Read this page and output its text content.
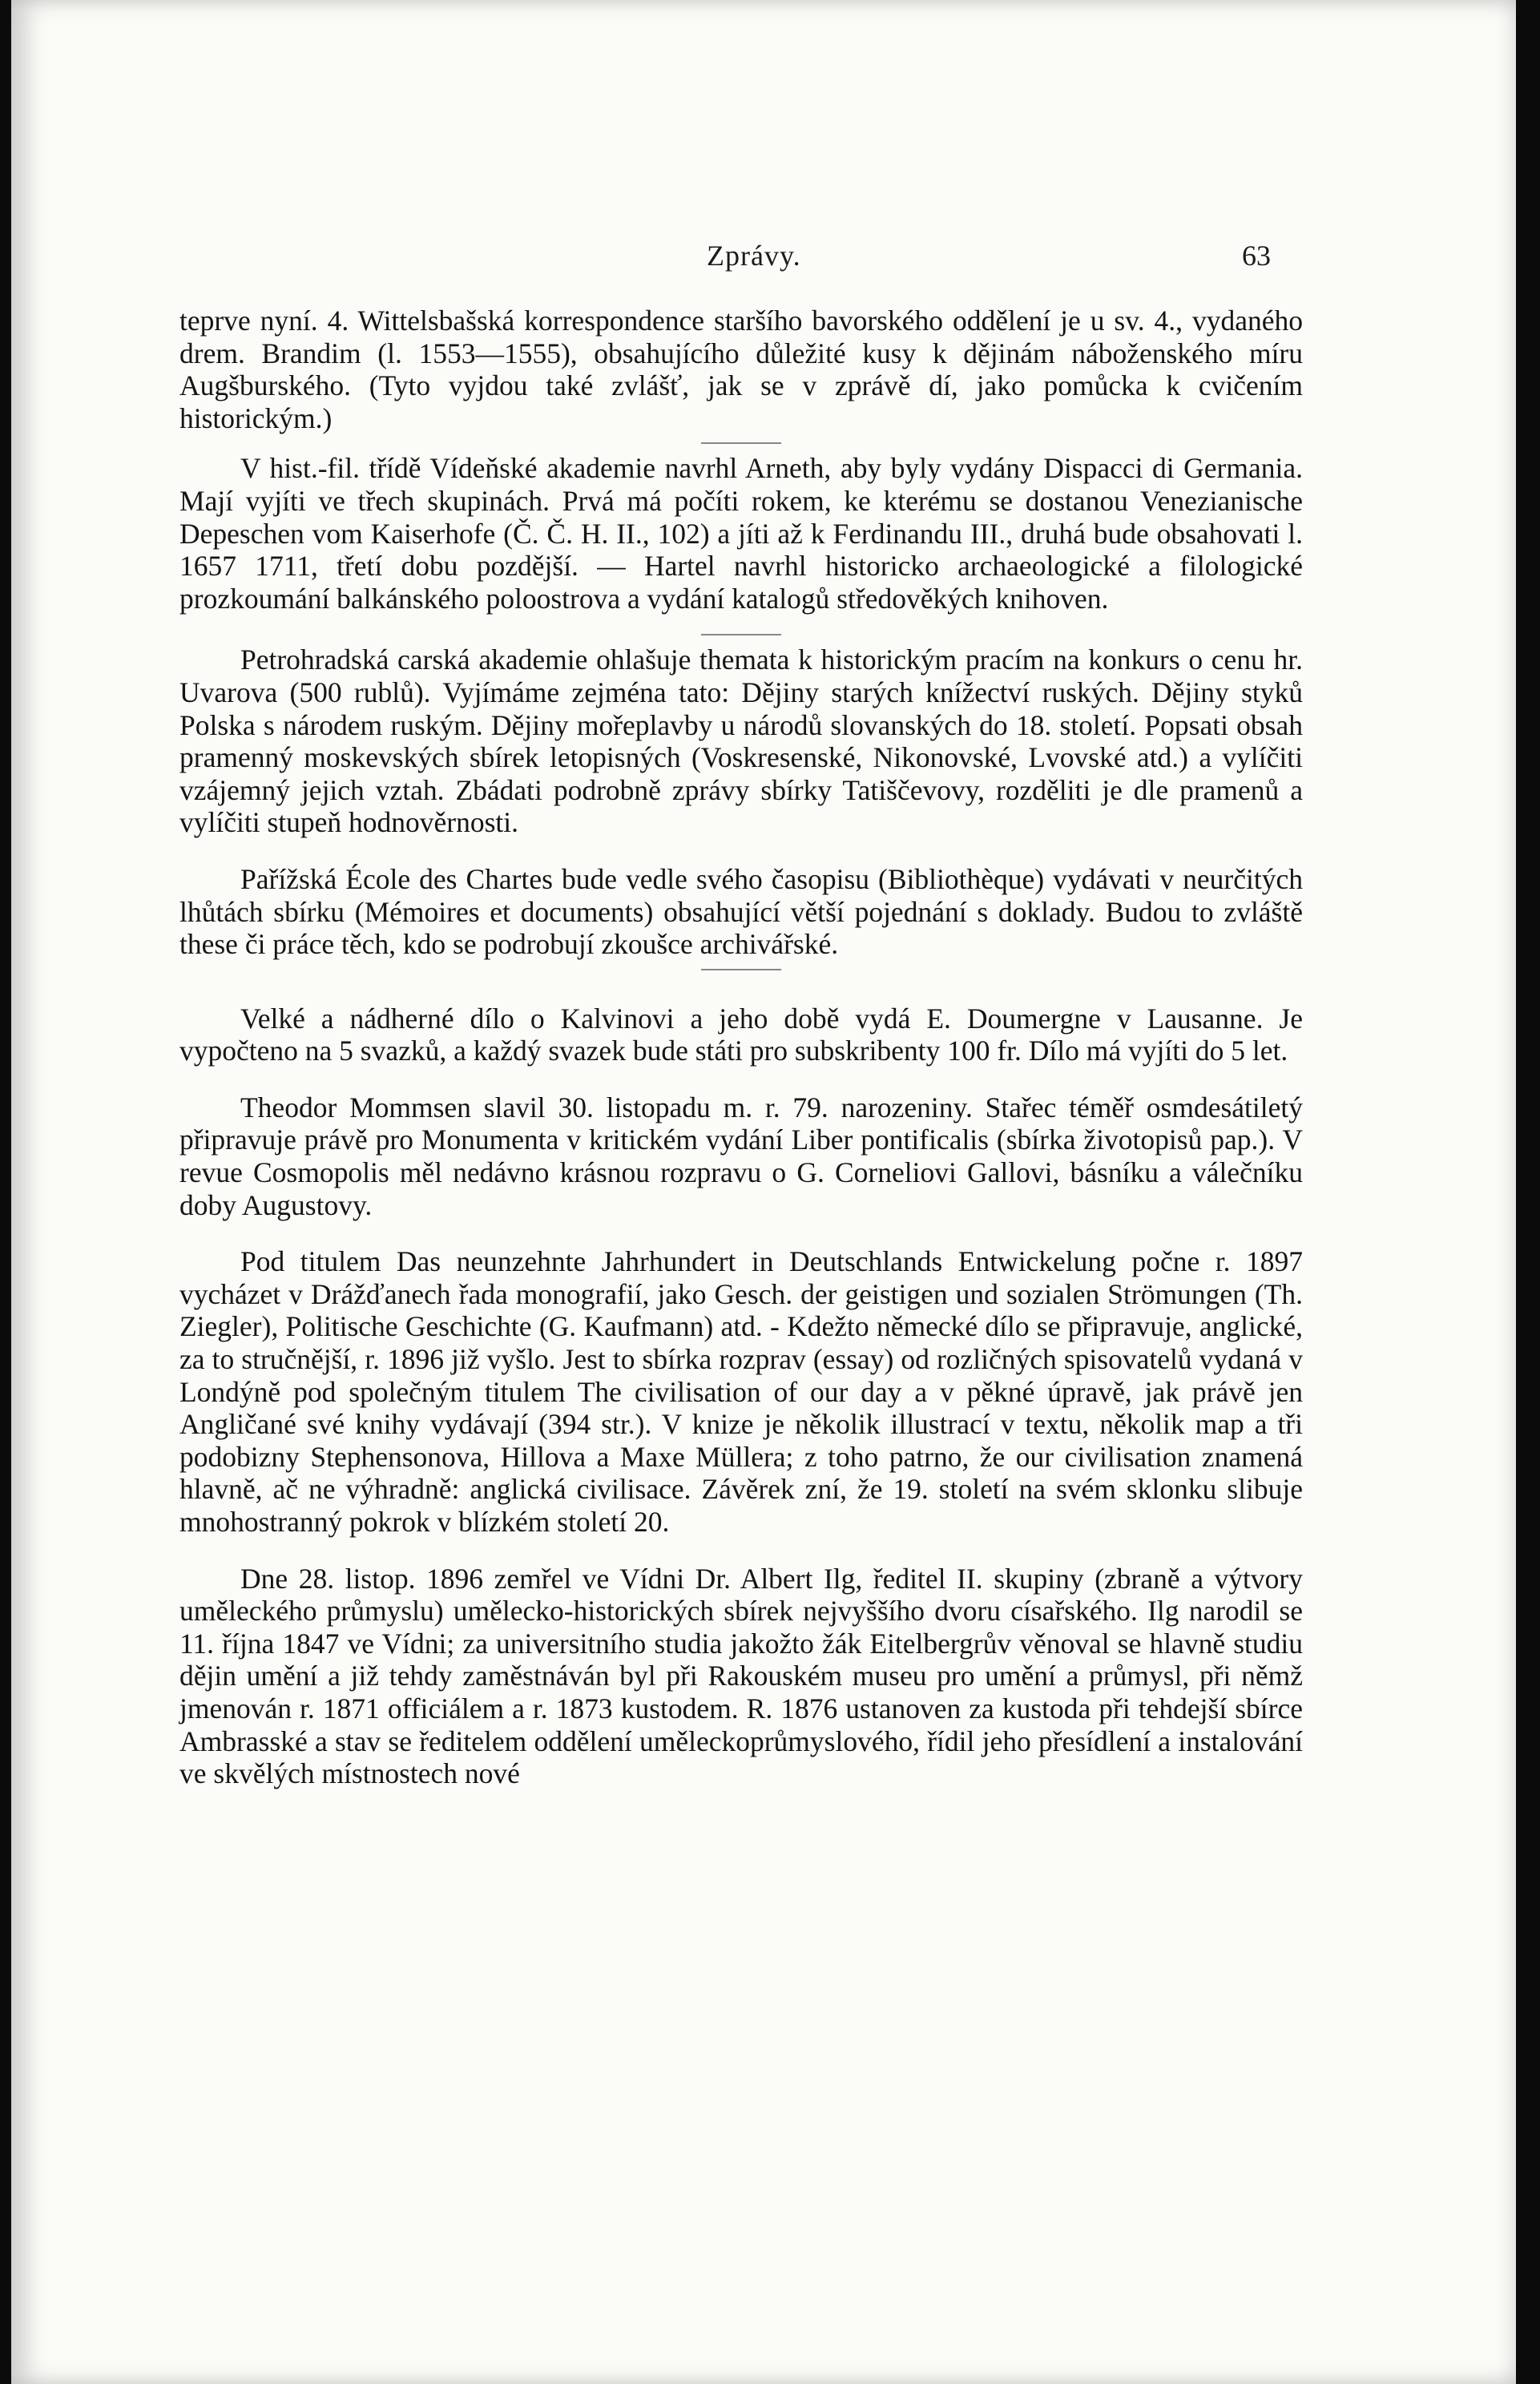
Zprávy.	63

teprve nyní. 4. Wittelsbašská korrespondence staršího bavorského oddělení je u sv. 4., vydaného drem. Brandim (l. 1553—1555), obsahujícího důležité kusy k dějinám náboženského míru Augšburského. (Tyto vyjdou také zvlášť, jak se v zprávě dí, jako pomůcka k cvičením historickým.)

V hist.-fil. třídě Vídeňské akademie navrhl Arneth, aby byly vydány Dispacci di Germania. Mají vyjíti ve třech skupinách. Prvá má počíti rokem, ke kterému se dostanou Venezianische Depeschen vom Kaiserhofe (Č. Č. H. II., 102) a jíti až k Ferdinandu III., druhá bude obsahovati l. 1657 1711, třetí dobu pozdější. — Hartel navrhl historicko archaeologické a filologické prozkoumání balkánského poloostrova a vydání katalogů středověkých knihoven.

Petrohradská carská akademie ohlašuje themata k historickým pracím na konkurs o cenu hr. Uvarova (500 rublů). Vyjímáme zejména tato: Dějiny starých knížectví ruských. Dějiny styků Polska s národem ruským. Dějiny mořeplavby u národů slovanských do 18. století. Popsati obsah pramenný moskevských sbírek letopisných (Voskresenské, Nikonovské, Lvovské atd.) a vylíčiti vzájemný jejich vztah. Zbádati podrobně zprávy sbírky Tatiščevovy, rozděliti je dle pramenů a vylíčiti stupeň hodnověrnosti.

Pařížská École des Chartes bude vedle svého časopisu (Bibliothèque) vydávati v neurčitých lhůtách sbírku (Mémoires et documents) obsahující větší pojednání s doklady. Budou to zvláště these či práce těch, kdo se podrobují zkoušce archivářské.

Velké a nádherné dílo o Kalvinovi a jeho době vydá E. Doumergne v Lausanne. Je vypočteno na 5 svazků, a každý svazek bude státi pro subskribenty 100 fr. Dílo má vyjíti do 5 let.

Theodor Mommsen slavil 30. listopadu m. r. 79. narozeniny. Stařec téměř osmdesátiletý připravuje právě pro Monumenta v kritickém vydání Liber pontificalis (sbírka životopisů pap.). V revue Cosmopolis měl nedávno krásnou rozpravu o G. Corneliovi Gallovi, básníku a válečníku doby Augustovy.

Pod titulem Das neunzehnte Jahrhundert in Deutschlands Entwickelung počne r. 1897 vycházet v Drážďanech řada monografií, jako Gesch. der geistigen und sozialen Strömungen (Th. Ziegler), Politische Geschichte (G. Kaufmann) atd. - Kdežto německé dílo se připravuje, anglické, za to stručnější, r. 1896 již vyšlo. Jest to sbírka rozprav (essay) od rozličných spisovatelů vydaná v Londýně pod společným titulem The civilisation of our day a v pěkné úpravě, jak právě jen Angličané své knihy vydávají (394 str.). V knize je několik illustrací v textu, několik map a tři podobizny Stephensonova, Hillova a Maxe Müllera; z toho patrno, že our civilisation znamená hlavně, ač ne výhradně: anglická civilisace. Závěrek zní, že 19. století na svém sklonku slibuje mnohostranný pokrok v blízkém století 20.

Dne 28. listop. 1896 zemřel ve Vídni Dr. Albert Ilg, ředitel II. skupiny (zbraně a výtvory uměleckého průmyslu) umělecko-historických sbírek nejvyššího dvoru císařského. Ilg narodil se 11. října 1847 ve Vídni; za universitního studia jakožto žák Eitelbergrův věnoval se hlavně studiu dějin umění a již tehdy zaměstnáván byl při Rakouském museu pro umění a průmysl, při němž jmenován r. 1871 officiálem a r. 1873 kustodem. R. 1876 ustanoven za kustoda při tehdejší sbírce Ambrasské a stav se ředitelem oddělení uměleckoprůmyslového, řídil jeho přesídlení a instalování ve skvělých místnostech nové
